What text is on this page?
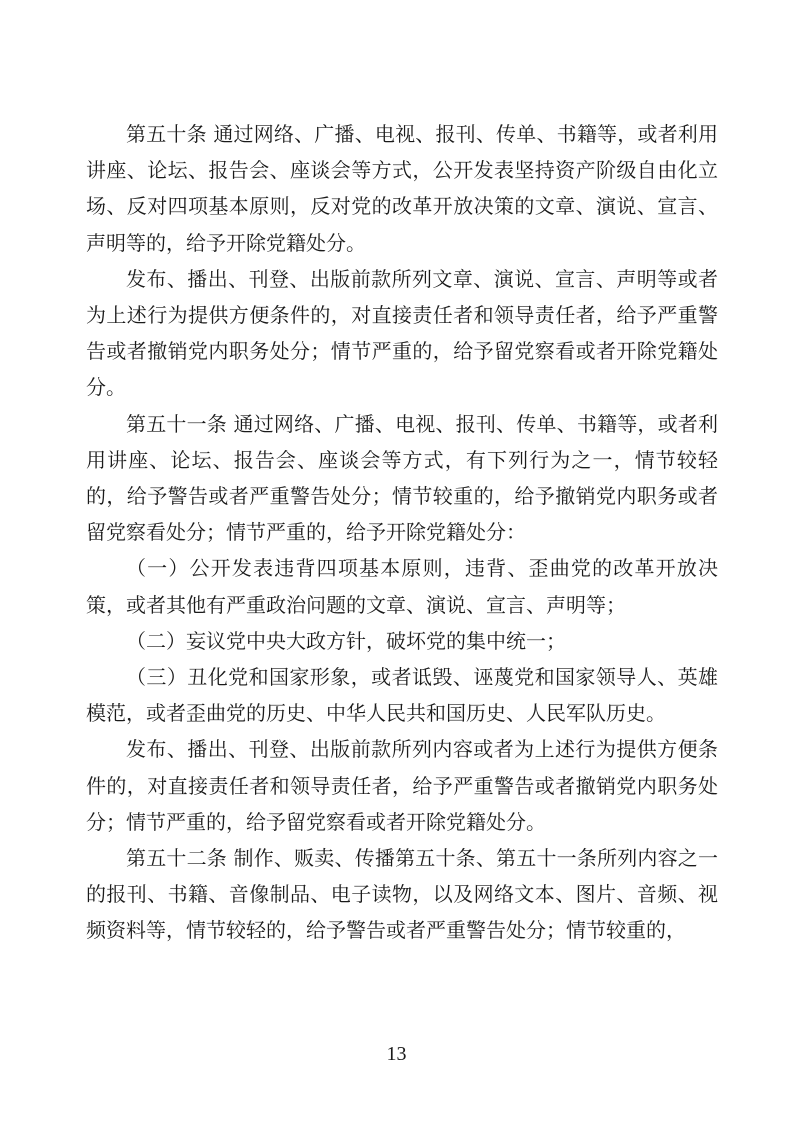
第五十条 通过网络、广播、电视、报刊、传单、书籍等，或者利用讲座、论坛、报告会、座谈会等方式，公开发表坚持资产阶级自由化立场、反对四项基本原则，反对党的改革开放决策的文章、演说、宣言、声明等的，给予开除党籍处分。

发布、播出、刊登、出版前款所列文章、演说、宣言、声明等或者为上述行为提供方便条件的，对直接责任者和领导责任者，给予严重警告或者撤销党内职务处分；情节严重的，给予留党察看或者开除党籍处分。

第五十一条 通过网络、广播、电视、报刊、传单、书籍等，或者利用讲座、论坛、报告会、座谈会等方式，有下列行为之一，情节较轻的，给予警告或者严重警告处分；情节较重的，给予撤销党内职务或者留党察看处分；情节严重的，给予开除党籍处分：

（一）公开发表违背四项基本原则，违背、歪曲党的改革开放决策，或者其他有严重政治问题的文章、演说、宣言、声明等；

（二）妄议党中央大政方针，破坏党的集中统一；

（三）丑化党和国家形象，或者诋毁、诬蔑党和国家领导人、英雄模范，或者歪曲党的历史、中华人民共和国历史、人民军队历史。

发布、播出、刊登、出版前款所列内容或者为上述行为提供方便条件的，对直接责任者和领导责任者，给予严重警告或者撤销党内职务处分；情节严重的，给予留党察看或者开除党籍处分。

第五十二条 制作、贩卖、传播第五十条、第五十一条所列内容之一的报刊、书籍、音像制品、电子读物，以及网络文本、图片、音频、视频资料等，情节较轻的，给予警告或者严重警告处分；情节较重的，

13
